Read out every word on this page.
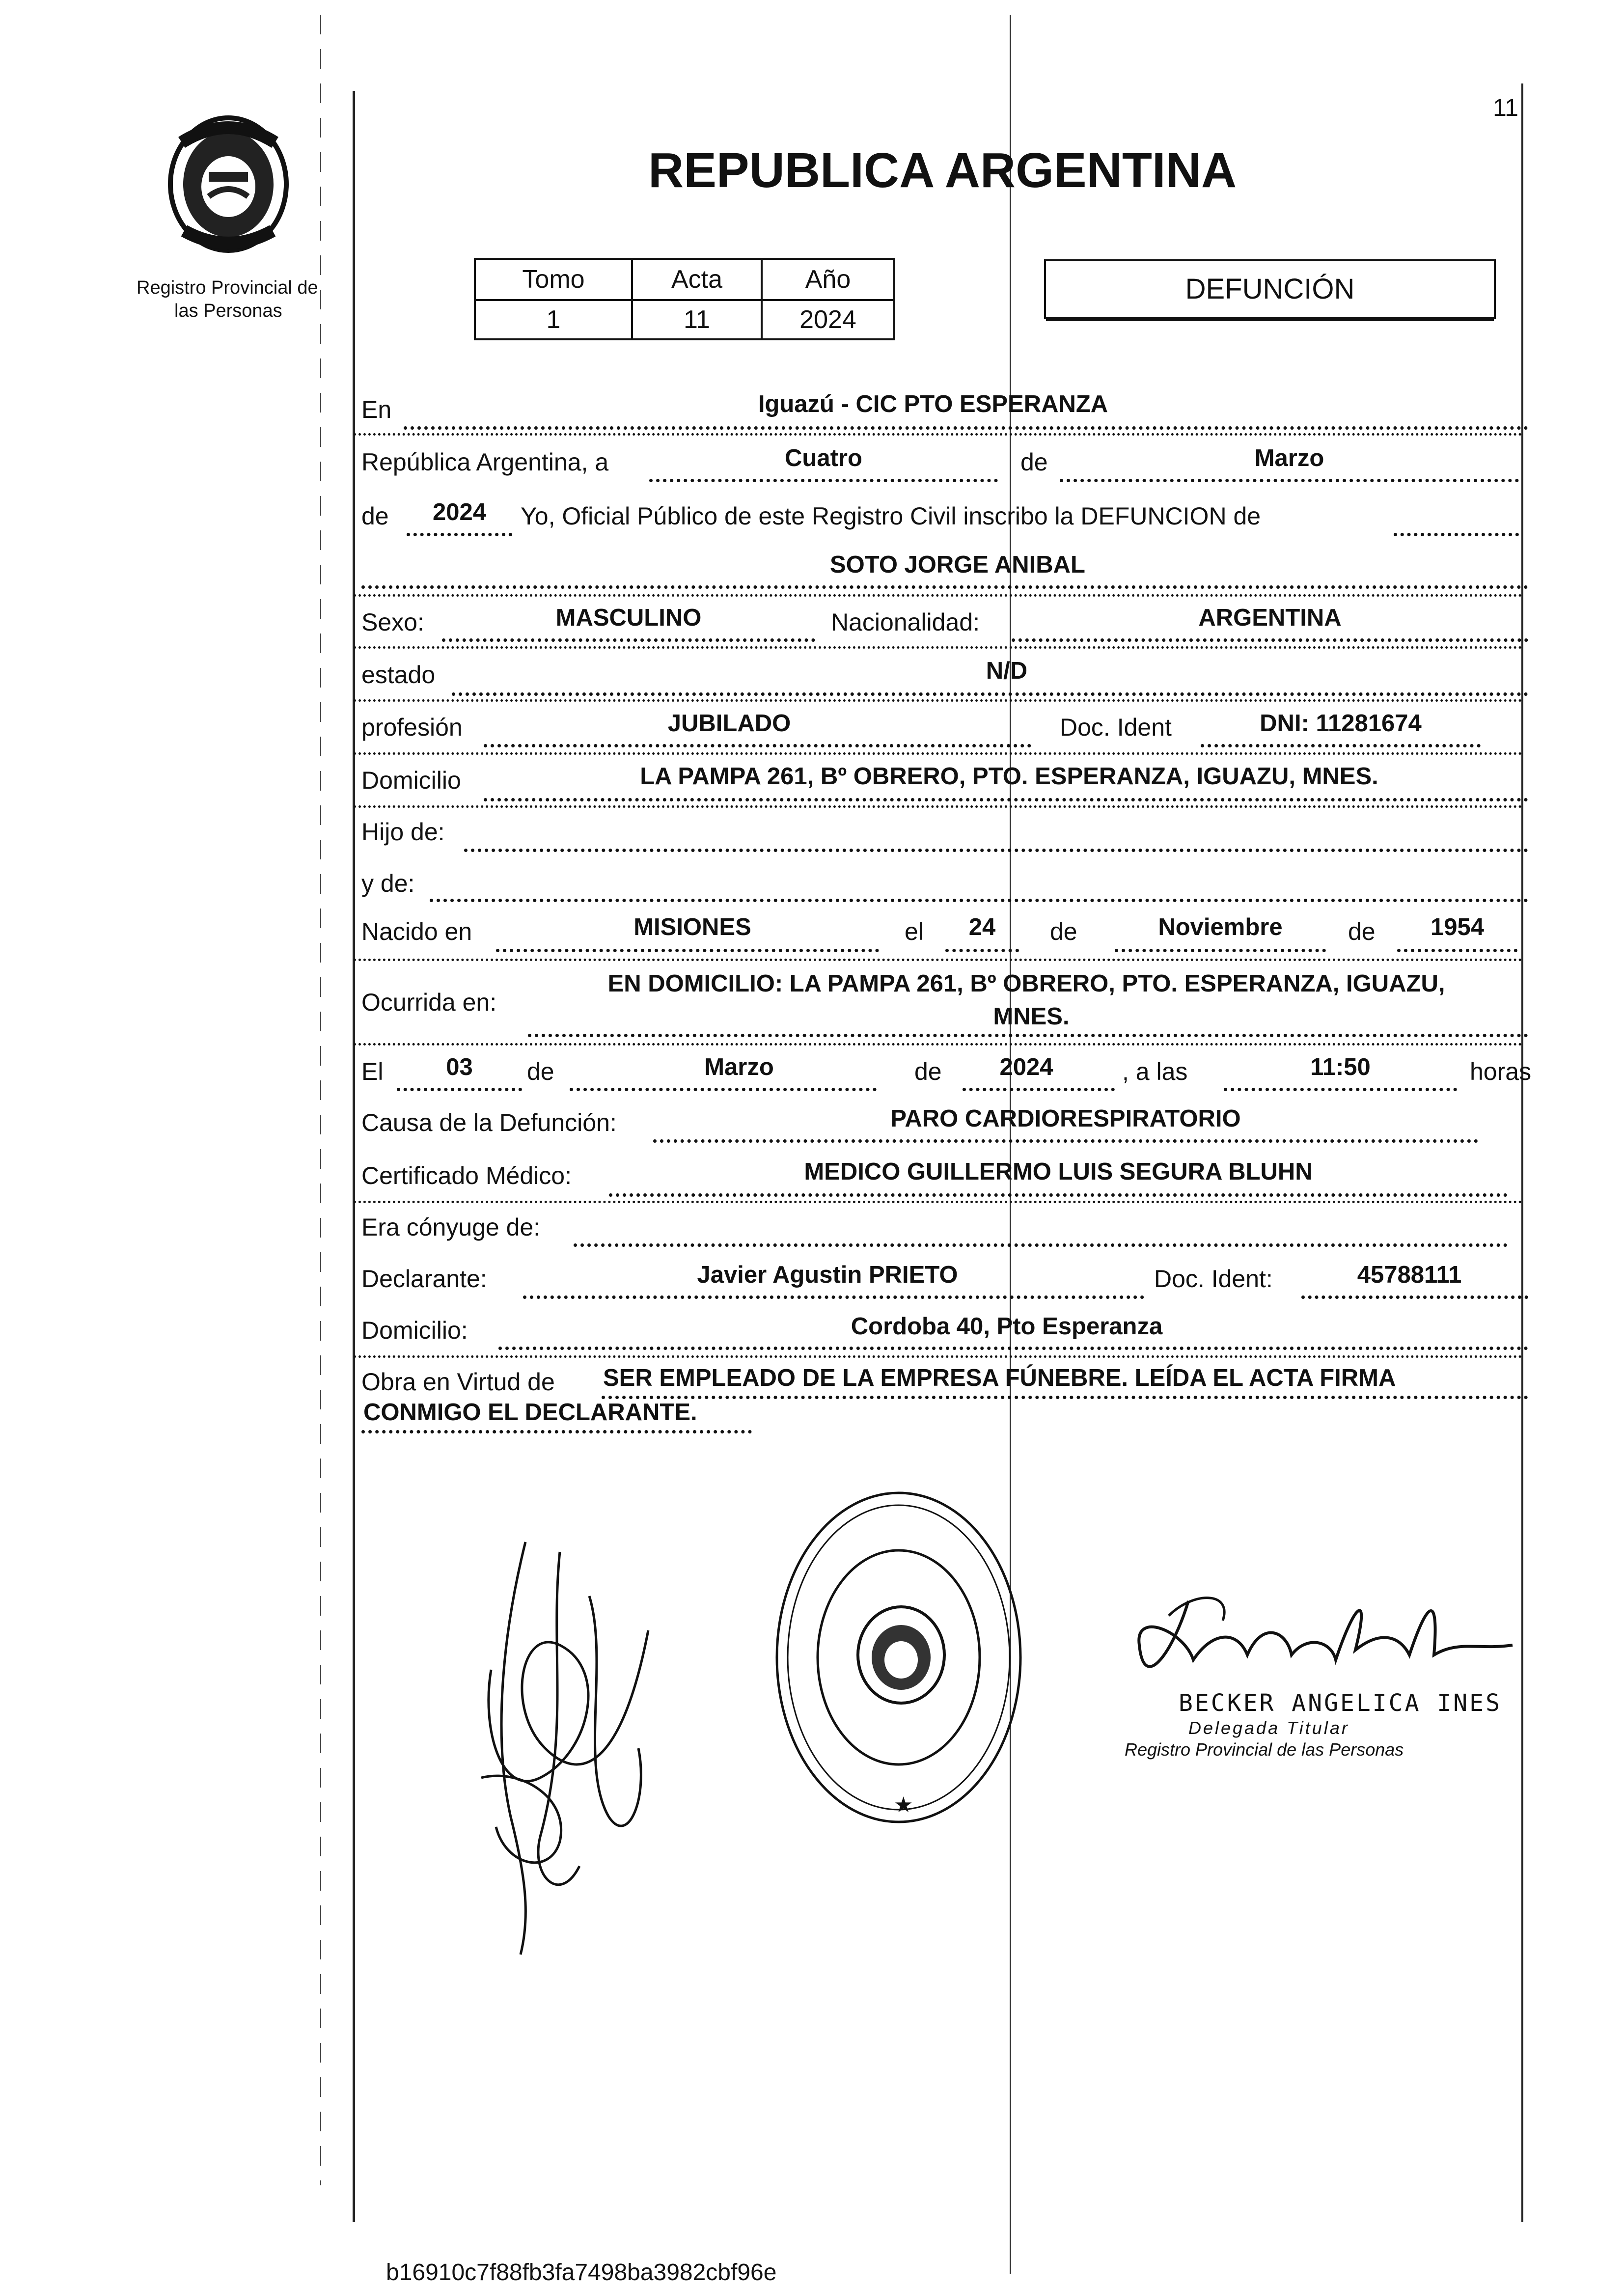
11
Registro Provincial de
las Personas
REPUBLICA ARGENTINA
Tomo	Acta	Año
1	11	2024
DEFUNCIÓN
En	Iguazú - CIC PTO ESPERANZA
República Argentina, a	Cuatro	de	Marzo
de	2024	Yo, Oficial Público de este Registro Civil inscribo la DEFUNCION de
SOTO JORGE ANIBAL
Sexo:	MASCULINO	Nacionalidad:	ARGENTINA
estado	N/D
profesión	JUBILADO	Doc. Ident	DNI: 11281674
Domicilio	LA PAMPA 261, Bº OBRERO, PTO. ESPERANZA, IGUAZU, MNES.
Hijo de:
y de:
Nacido en	MISIONES	el	24	de	Noviembre	de	1954
Ocurrida en:
EN DOMICILIO: LA PAMPA 261, Bº OBRERO, PTO. ESPERANZA, IGUAZU,
MNES.
El	03	de	Marzo	de	2024	, a las	11:50	horas
Causa de la Defunción:	PARO CARDIORESPIRATORIO
Certificado Médico:	MEDICO GUILLERMO LUIS SEGURA BLUHN
Era cónyuge de:
Declarante:	Javier Agustin PRIETO	Doc. Ident:	45788111
Domicilio:	Cordoba 40, Pto Esperanza
Obra en Virtud de SER EMPLEADO DE LA EMPRESA FÚNEBRE. LEÍDA EL ACTA FIRMA
CONMIGO EL DECLARANTE.
★
BECKER ANGELICA INES
Delegada Titular
Registro Provincial de las Personas
b16910c7f88fb3fa7498ba3982cbf96e
